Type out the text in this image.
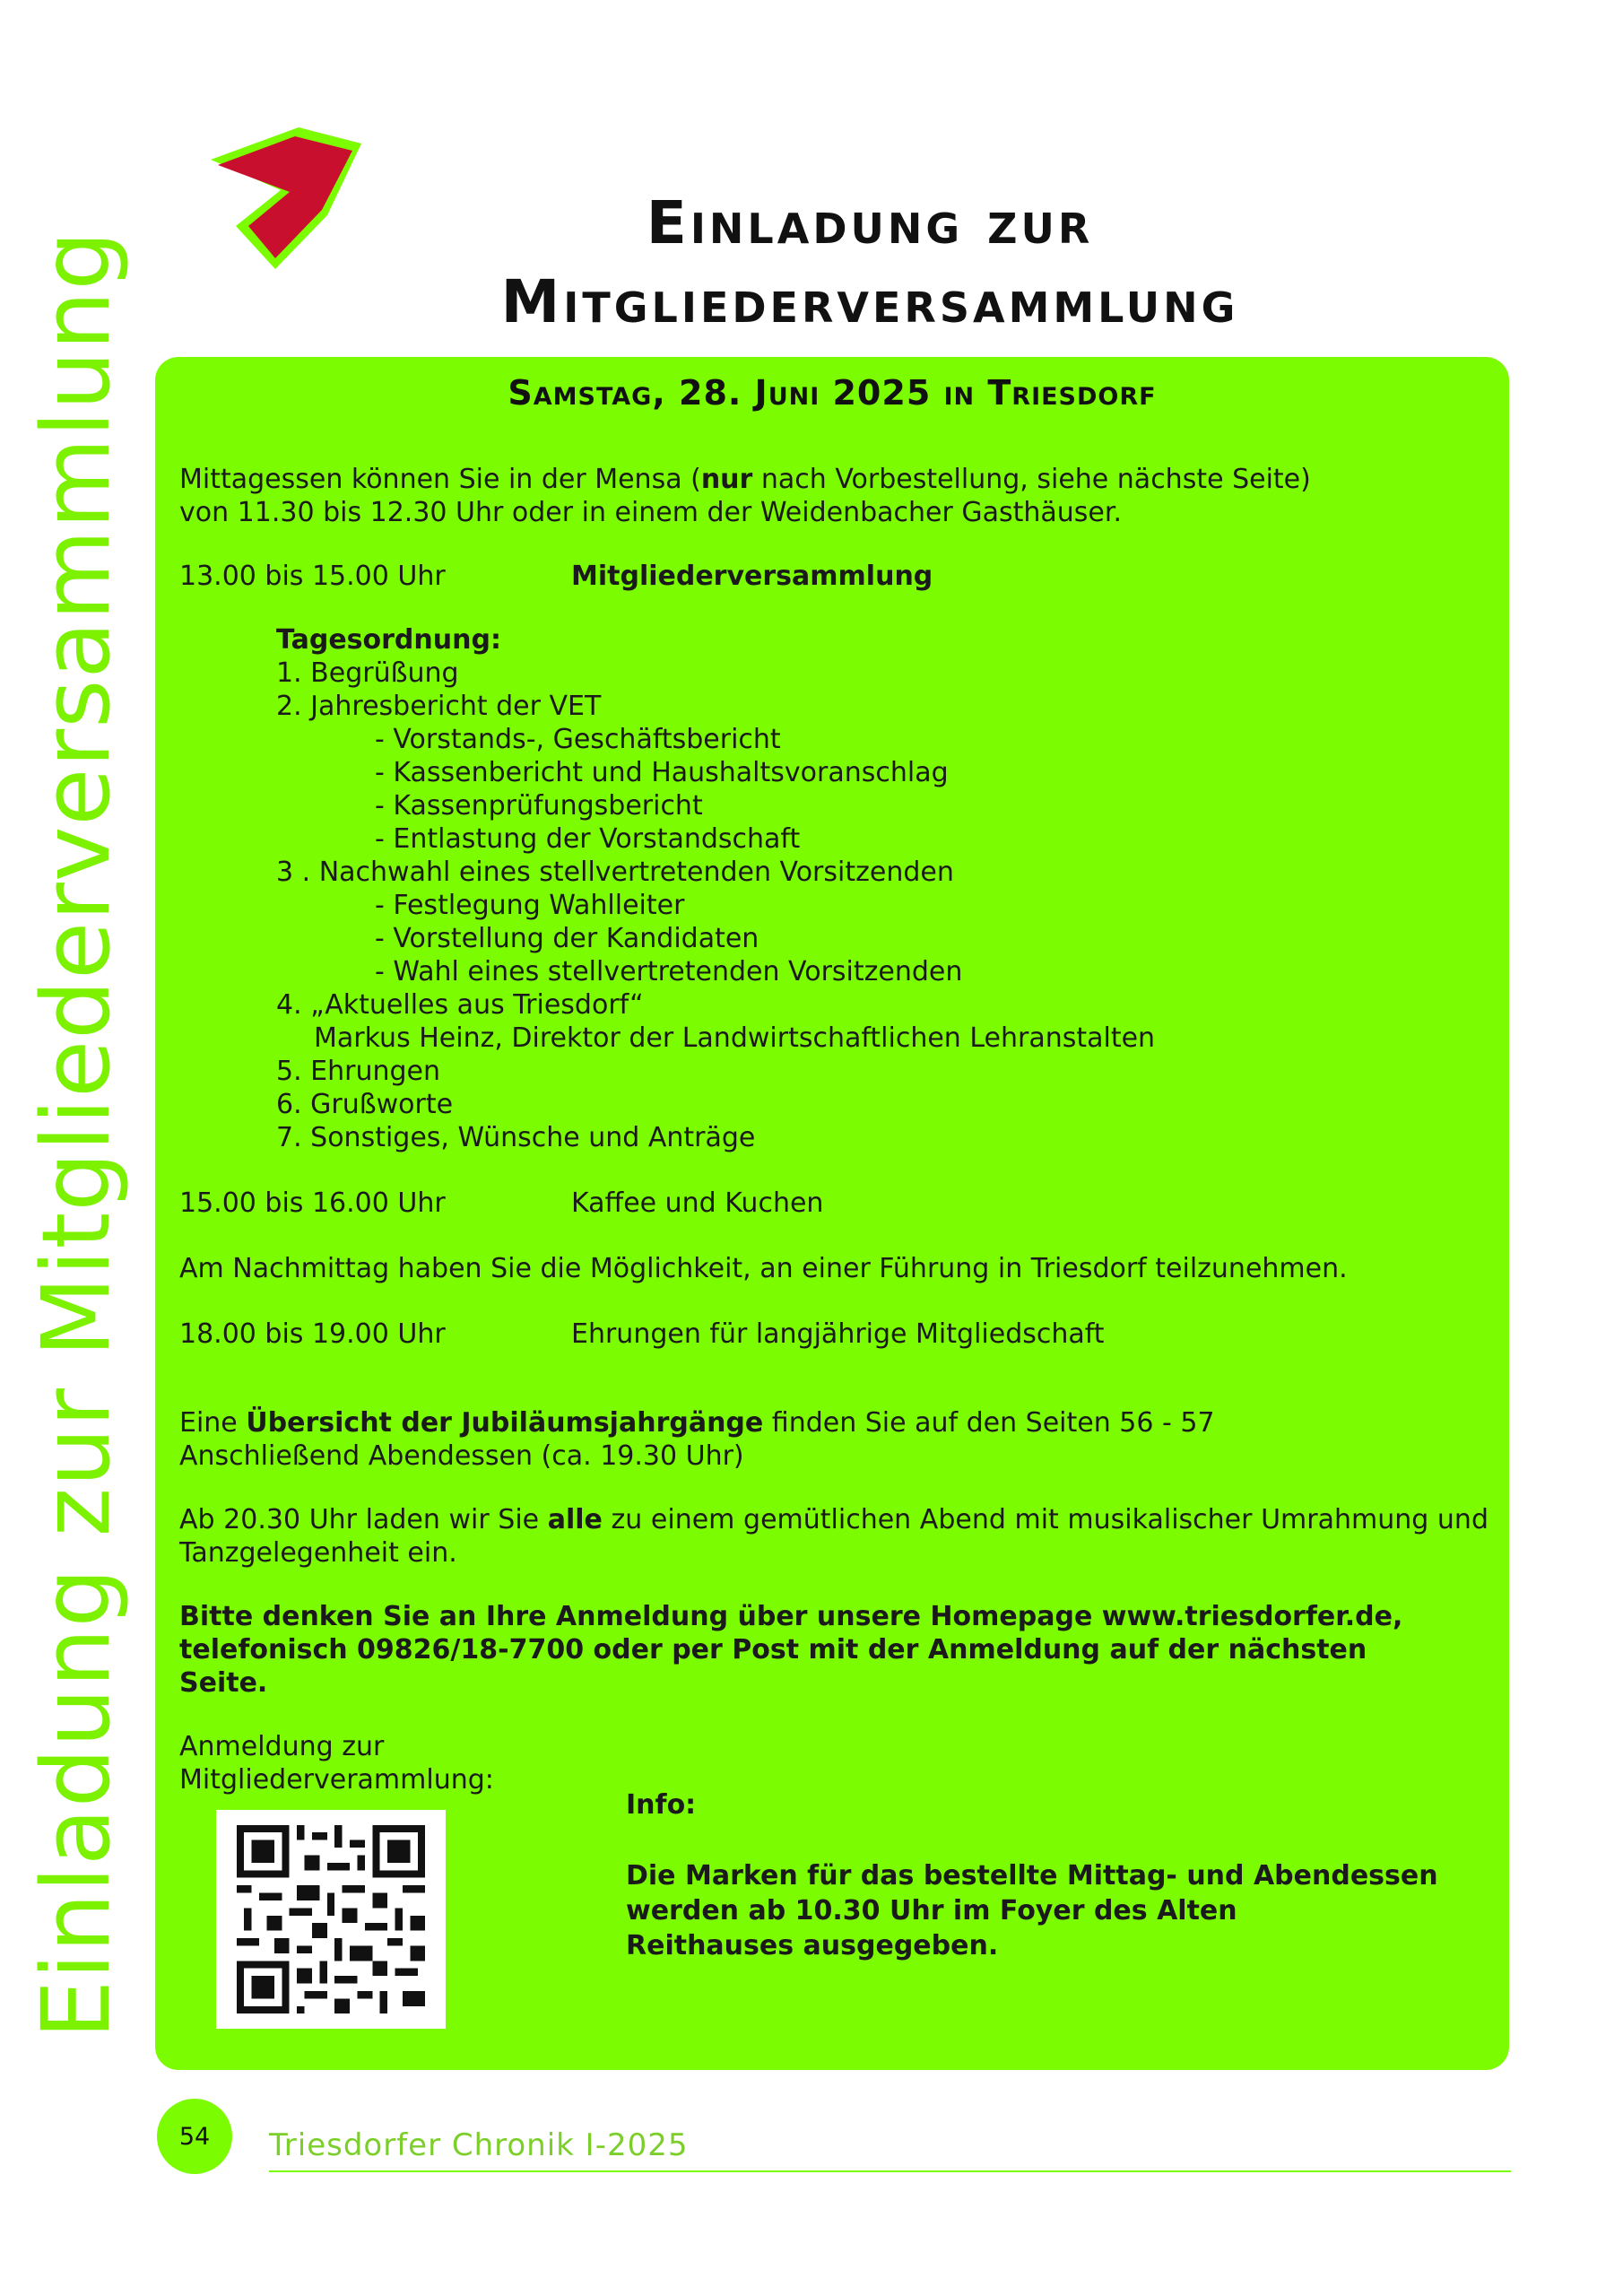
Einladung zur Mitgliederversammlung
Einladung zur
Mitgliederversammlung
Samstag, 28. Juni 2025 in Triesdorf
Mittagessen können Sie in der Mensa (nur nach Vorbestellung, siehe nächste Seite)
von 11.30 bis 12.30 Uhr oder in einem der Weidenbacher Gasthäuser.
13.00 bis 15.00 Uhr	Mitgliederversammlung
Tagesordnung:
1. Begrüßung
2. Jahresbericht der VET
- Vorstands-, Geschäftsbericht
- Kassenbericht und Haushaltsvoranschlag
- Kassenprüfungsbericht
- Entlastung der Vorstandschaft
3 . Nachwahl eines stellvertretenden Vorsitzenden
- Festlegung Wahlleiter
- Vorstellung der Kandidaten
- Wahl eines stellvertretenden Vorsitzenden
4. „Aktuelles aus Triesdorf“
Markus Heinz, Direktor der Landwirtschaftlichen Lehranstalten
5. Ehrungen
6. Grußworte
7. Sonstiges, Wünsche und Anträge
15.00 bis 16.00 Uhr	Kaffee und Kuchen
Am Nachmittag haben Sie die Möglichkeit, an einer Führung in Triesdorf teilzunehmen.
18.00 bis 19.00 Uhr	Ehrungen für langjährige Mitgliedschaft
Eine Übersicht der Jubiläumsjahrgänge finden Sie auf den Seiten 56 - 57
Anschließend Abendessen (ca. 19.30 Uhr)
Ab 20.30 Uhr laden wir Sie alle zu einem gemütlichen Abend mit musikalischer Umrahmung und Tanzgelegenheit ein.
Bitte denken Sie an Ihre Anmeldung über unsere Homepage www.triesdorfer.de,
telefonisch 09826/18-7700 oder per Post mit der Anmeldung auf der nächsten
Seite.
Anmeldung zur
Mitgliederverammlung:
Info:
Die Marken für das bestellte Mittag- und Abendessen
werden ab 10.30 Uhr im Foyer des Alten
Reithauses ausgegeben.
54 Triesdorfer Chronik I-2025
